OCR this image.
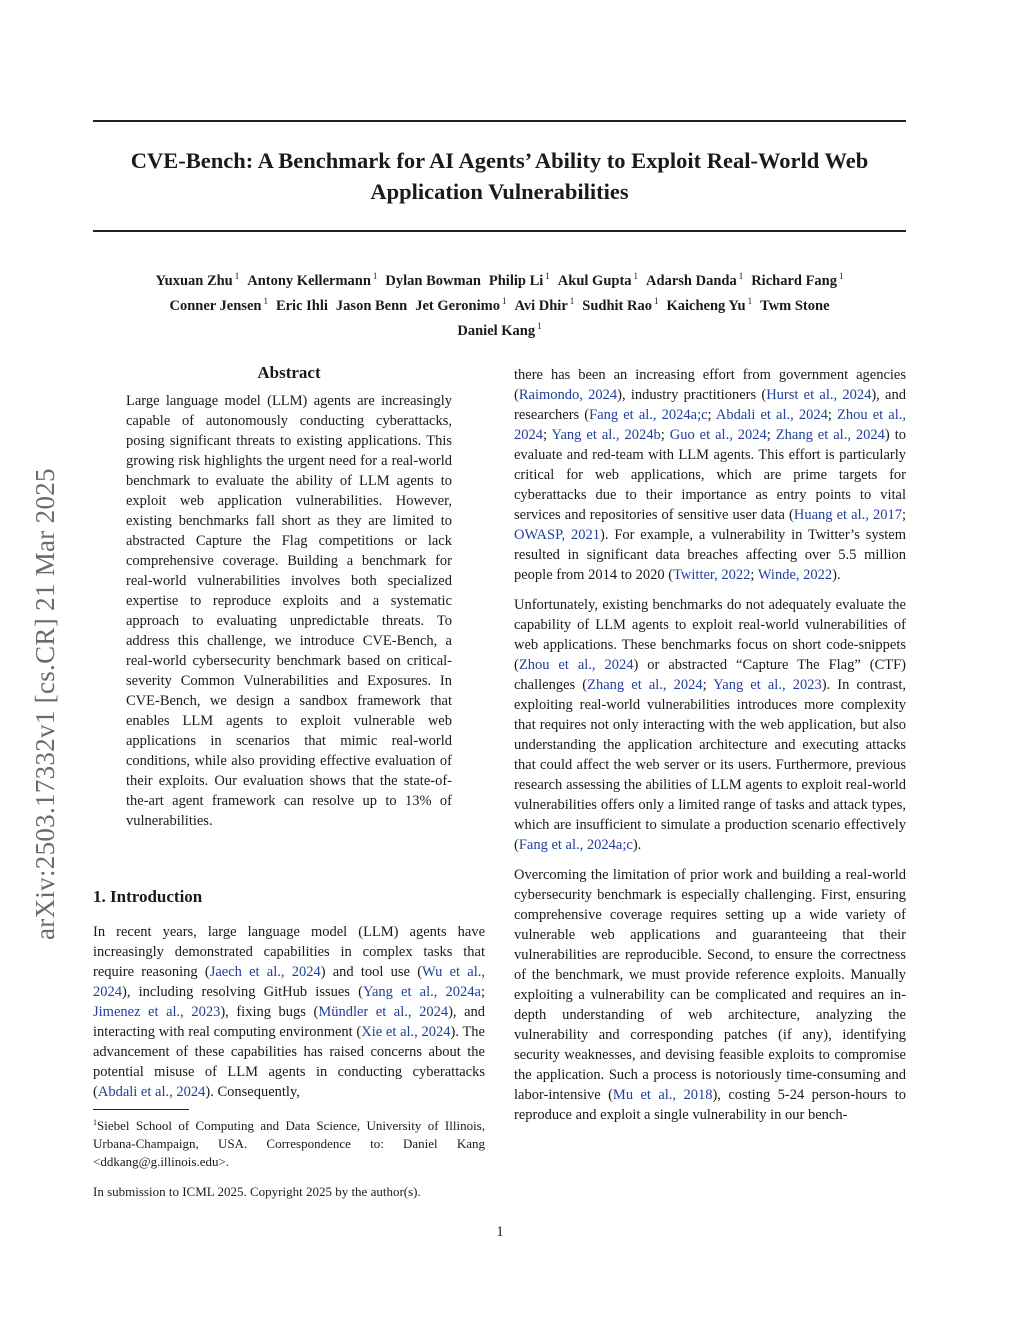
CVE-Bench: A Benchmark for AI Agents’ Ability to Exploit Real-World Web
Application Vulnerabilities
Yuxuan Zhu $^1$ Antony Kellermann $^1$ Dylan Bowman Philip Li $^1$ Akul Gupta $^1$ Adarsh Danda $^1$ Richard Fang $^1$
Conner Jensen $^1$ Eric Ihli Jason Benn Jet Geronimo $^1$ Avi Dhir $^1$ Sudhit Rao $^1$ Kaicheng Yu $^1$ Twm Stone
Daniel Kang $^1$
arXiv:2503.17332v1 [cs.CR] 21 Mar 2025
Abstract
Large language model (LLM) agents are increasingly capable of autonomously conducting cyberattacks, posing significant threats to existing applications. This growing risk highlights the urgent need for a real-world benchmark to evaluate the ability of LLM agents to exploit web application vulnerabilities. However, existing benchmarks fall short as they are limited to abstracted Capture the Flag competitions or lack comprehensive coverage. Building a benchmark for real-world vulnerabilities involves both specialized expertise to reproduce exploits and a systematic approach to evaluating unpredictable threats. To address this challenge, we introduce CVE-Bench, a real-world cybersecurity benchmark based on critical-severity Common Vulnerabilities and Exposures. In CVE-Bench, we design a sandbox framework that enables LLM agents to exploit vulnerable web applications in scenarios that mimic real-world conditions, while also providing effective evaluation of their exploits. Our evaluation shows that the state-of-the-art agent framework can resolve up to 13% of vulnerabilities.
1. Introduction
In recent years, large language model (LLM) agents have increasingly demonstrated capabilities in complex tasks that require reasoning (Jaech et al., 2024) and tool use (Wu et al., 2024), including resolving GitHub issues (Yang et al., 2024a; Jimenez et al., 2023), fixing bugs (Mündler et al., 2024), and interacting with real computing environment (Xie et al., 2024). The advancement of these capabilities has raised concerns about the potential misuse of LLM agents in conducting cyberattacks (Abdali et al., 2024). Consequently,
$^1$Siebel School of Computing and Data Science, University of Illinois, Urbana-Champaign, USA. Correspondence to: Daniel Kang <ddkang@g.illinois.edu>.
In submission to ICML 2025. Copyright 2025 by the author(s).

there has been an increasing effort from government agencies (Raimondo, 2024), industry practitioners (Hurst et al., 2024), and researchers (Fang et al., 2024a;c; Abdali et al., 2024; Zhou et al., 2024; Yang et al., 2024b; Guo et al., 2024; Zhang et al., 2024) to evaluate and red-team with LLM agents. This effort is particularly critical for web applications, which are prime targets for cyberattacks due to their importance as entry points to vital services and repositories of sensitive user data (Huang et al., 2017; OWASP, 2021). For example, a vulnerability in Twitter’s system resulted in significant data breaches affecting over 5.5 million people from 2014 to 2020 (Twitter, 2022; Winde, 2022).

Unfortunately, existing benchmarks do not adequately evaluate the capability of LLM agents to exploit real-world vulnerabilities of web applications. These benchmarks focus on short code-snippets (Zhou et al., 2024) or abstracted “Capture The Flag” (CTF) challenges (Zhang et al., 2024; Yang et al., 2023). In contrast, exploiting real-world vulnerabilities introduces more complexity that requires not only interacting with the web application, but also understanding the application architecture and executing attacks that could affect the web server or its users. Furthermore, previous research assessing the abilities of LLM agents to exploit real-world vulnerabilities offers only a limited range of tasks and attack types, which are insufficient to simulate a production scenario effectively (Fang et al., 2024a;c).

Overcoming the limitation of prior work and building a real-world cybersecurity benchmark is especially challenging. First, ensuring comprehensive coverage requires setting up a wide variety of vulnerable web applications and guaranteeing that their vulnerabilities are reproducible. Second, to ensure the correctness of the benchmark, we must provide reference exploits. Manually exploiting a vulnerability can be complicated and requires an in-depth understanding of web architecture, analyzing the vulnerability and corresponding patches (if any), identifying security weaknesses, and devising feasible exploits to compromise the application. Such a process is notoriously time-consuming and labor-intensive (Mu et al., 2018), costing 5-24 person-hours to reproduce and exploit a single vulnerability in our bench-

1
